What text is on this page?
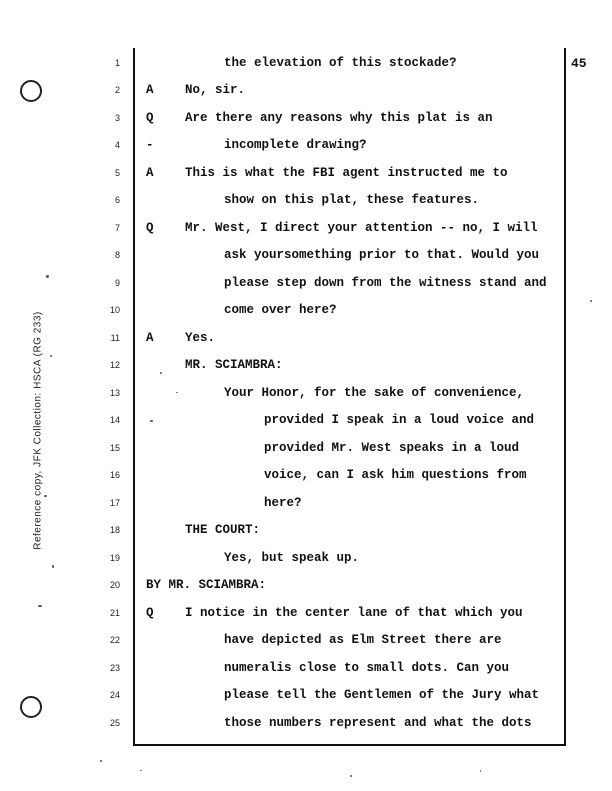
Reference copy, JFK Collection: HSCA (RG 233)
45
1
2
3
4
5
6
7
8
9
10
11
12
13
14
15
16
17
18
19
20
21
22
23
24
25
A
Q
-
A
Q
A
Q
the elevation of this stockade?
No, sir.
Are there any reasons why this plat is an
incomplete drawing?
This is what the FBI agent instructed me to
show on this plat, these features.
Mr. West, I direct your attention -- no, I will
ask yoursomething prior to that. Would you
please step down from the witness stand and
come over here?
Yes.
MR. SCIAMBRA:
Your Honor, for the sake of convenience,
provided I speak in a loud voice and
provided Mr. West speaks in a loud
voice, can I ask him questions from
here?
THE COURT:
Yes, but speak up.
BY MR. SCIAMBRA:
I notice in the center lane of that which you
have depicted as Elm Street there are
numeralis close to small dots. Can you
please tell the Gentlemen of the Jury what
those numbers represent and what the dots
